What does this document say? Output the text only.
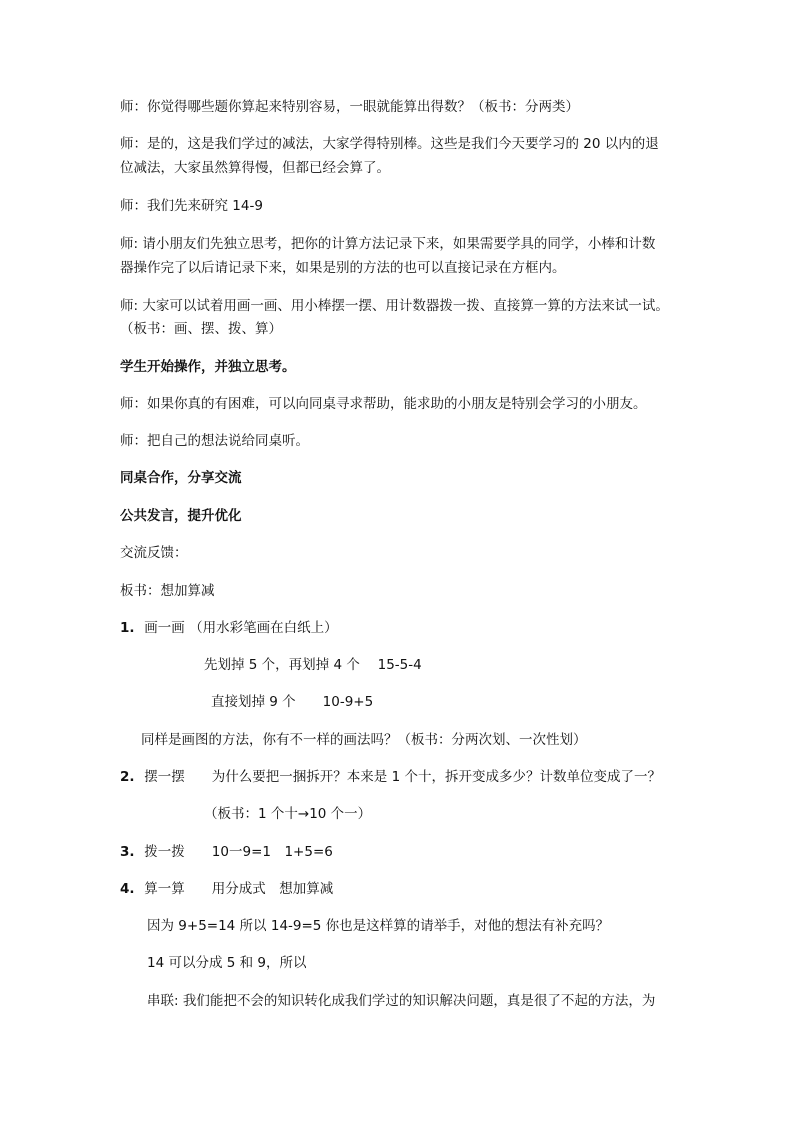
师：你觉得哪些题你算起来特别容易，一眼就能算出得数？（板书：分两类）
师：是的，这是我们学过的减法，大家学得特别棒。这些是我们今天要学习的 20 以内的退
位减法，大家虽然算得慢，但都已经会算了。
师：我们先来研究 14-9
师: 请小朋友们先独立思考，把你的计算方法记录下来，如果需要学具的同学，小棒和计数
器操作完了以后请记录下来，如果是别的方法的也可以直接记录在方框内。
师: 大家可以试着用画一画、用小棒摆一摆、用计数器拨一拨、直接算一算的方法来试一试。
（板书：画、摆、拨、算）
学生开始操作，并独立思考。
师：如果你真的有困难，可以向同桌寻求帮助，能求助的小朋友是特别会学习的小朋友。
师：把自己的想法说给同桌听。
同桌合作，分享交流
公共发言，提升优化
交流反馈：
板书：想加算减
1. 画一画 （用水彩笔画在白纸上）
先划掉 5 个，再划掉 4 个　 15-5-4
直接划掉 9 个　　10-9+5
同样是画图的方法，你有不一样的画法吗？（板书：分两次划、一次性划）
2. 摆一摆　　为什么要把一捆拆开？本来是 1 个十，拆开变成多少？计数单位变成了一？
（板书：1 个十→10 个一）
3. 拨一拨　　10一9=1　1+5=6
4. 算一算　　用分成式　想加算减
因为 9+5=14 所以 14-9=5 你也是这样算的请举手，对他的想法有补充吗？
14 可以分成 5 和 9，所以
串联: 我们能把不会的知识转化成我们学过的知识解决问题，真是很了不起的方法，为
